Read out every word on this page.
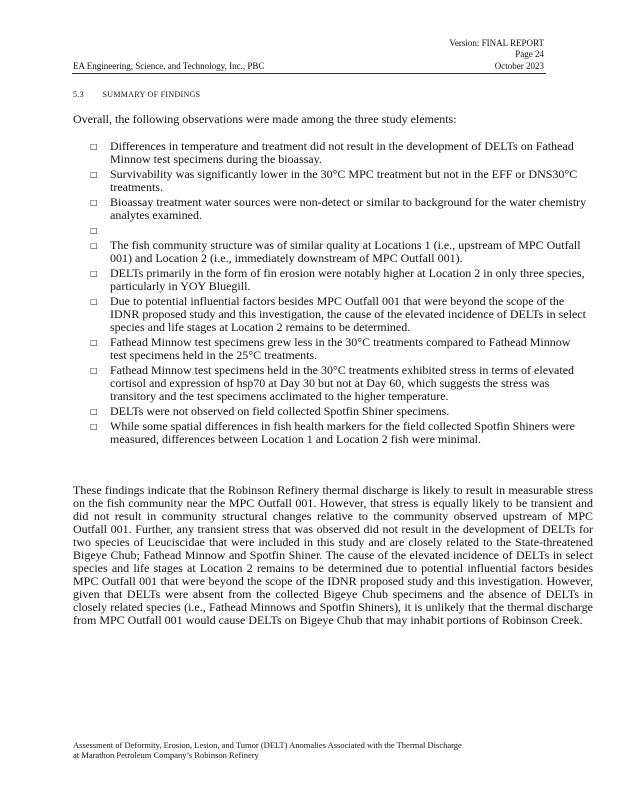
Version: FINAL REPORT
Page 24
EA Engineering, Science, and Technology, Inc., PBC	October 2023
5.3 SUMMARY OF FINDINGS
Overall, the following observations were made among the three study elements:
□ Differences in temperature and treatment did not result in the development of DELTs on Fathead Minnow test specimens during the bioassay.
□ Survivability was significantly lower in the 30°C MPC treatment but not in the EFF or DNS30°C treatments.
□ Bioassay treatment water sources were non-detect or similar to background for the water chemistry analytes examined.
□
□ The fish community structure was of similar quality at Locations 1 (i.e., upstream of MPC Outfall 001) and Location 2 (i.e., immediately downstream of MPC Outfall 001).
□ DELTs primarily in the form of fin erosion were notably higher at Location 2 in only three species, particularly in YOY Bluegill.
□ Due to potential influential factors besides MPC Outfall 001 that were beyond the scope of the IDNR proposed study and this investigation, the cause of the elevated incidence of DELTs in select species and life stages at Location 2 remains to be determined.
□ Fathead Minnow test specimens grew less in the 30°C treatments compared to Fathead Minnow test specimens held in the 25°C treatments.
□ Fathead Minnow test specimens held in the 30°C treatments exhibited stress in terms of elevated cortisol and expression of hsp70 at Day 30 but not at Day 60, which suggests the stress was transitory and the test specimens acclimated to the higher temperature.
□ DELTs were not observed on field collected Spotfin Shiner specimens.
□ While some spatial differences in fish health markers for the field collected Spotfin Shiners were measured, differences between Location 1 and Location 2 fish were minimal.
These findings indicate that the Robinson Refinery thermal discharge is likely to result in measurable stress on the fish community near the MPC Outfall 001. However, that stress is equally likely to be transient and did not result in community structural changes relative to the community observed upstream of MPC Outfall 001. Further, any transient stress that was observed did not result in the development of DELTs for two species of Leuciscidae that were included in this study and are closely related to the State-threatened Bigeye Chub; Fathead Minnow and Spotfin Shiner. The cause of the elevated incidence of DELTs in select species and life stages at Location 2 remains to be determined due to potential influential factors besides MPC Outfall 001 that were beyond the scope of the IDNR proposed study and this investigation. However, given that DELTs were absent from the collected Bigeye Chub specimens and the absence of DELTs in closely related species (i.e., Fathead Minnows and Spotfin Shiners), it is unlikely that the thermal discharge from MPC Outfall 001 would cause DELTs on Bigeye Chub that may inhabit portions of Robinson Creek.
Assessment of Deformity, Erosion, Lesion, and Tumor (DELT) Anomalies Associated with the Thermal Discharge
at Marathon Petroleum Company’s Robinson Refinery
